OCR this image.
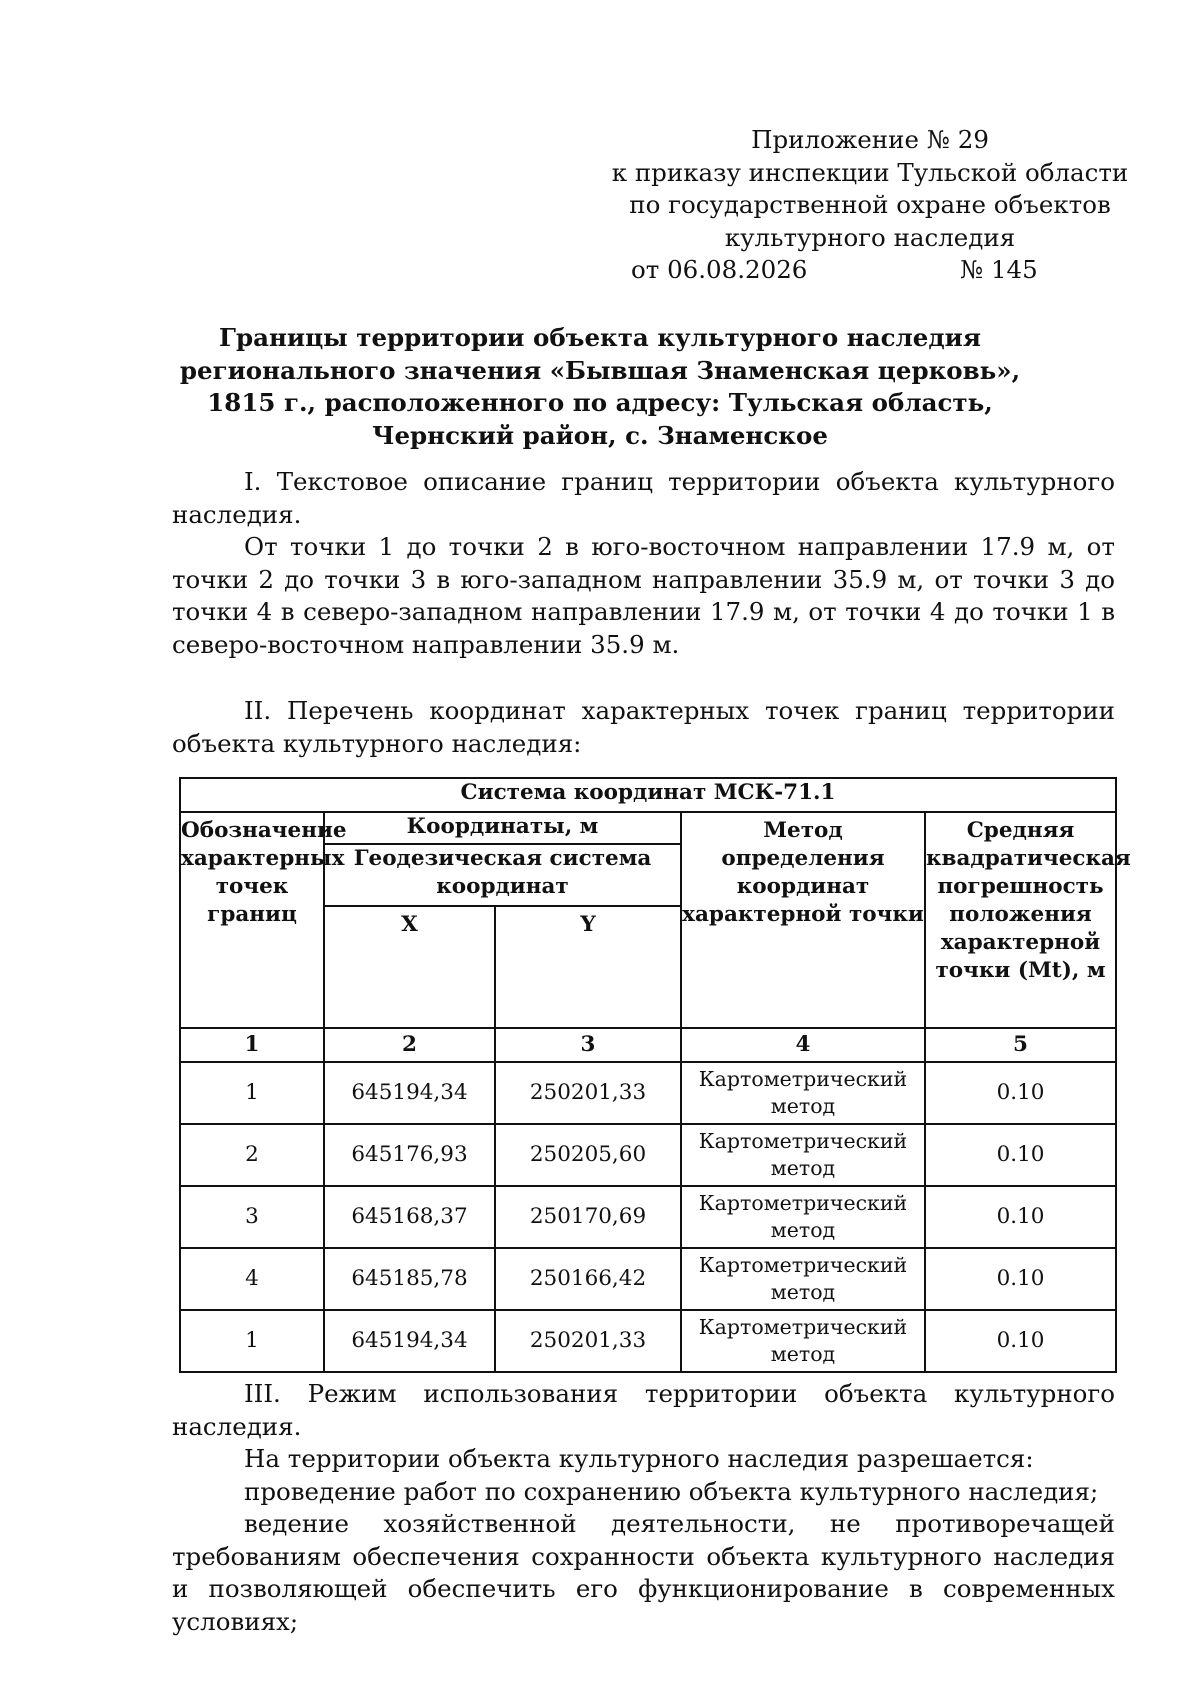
Приложение № 29
к приказу инспекции Тульской области
по государственной охране объектов
культурного наследия
от 06.08.2026	№ 145
Границы территории объекта культурного наследия регионального значения «Бывшая Знаменская церковь», 1815 г., расположенного по адресу: Тульская область, Чернский район, с. Знаменское

I. Текстовое описание границ территории объекта культурного наследия.

От точки 1 до точки 2 в юго-восточном направлении 17.9 м, от точки 2 до точки 3 в юго-западном направлении 35.9 м, от точки 3 до точки 4 в северо-западном направлении 17.9 м, от точки 4 до точки 1 в северо-восточном направлении 35.9 м.

II. Перечень координат характерных точек границ территории объекта культурного наследия:

Система координат МСК-71.1				
Обозначение характерных точек границ	Координаты, м		Метод определения координат характерной точки	Средняя квадратическая погрешность положения характерной точки (Mt), м
	Геодезическая система координат			
	X	Y		
1	2	3	4	5
1	645194,34	250201,33	Картометрический метод	0.10
2	645176,93	250205,60	Картометрический метод	0.10
3	645168,37	250170,69	Картометрический метод	0.10
4	645185,78	250166,42	Картометрический метод	0.10
1	645194,34	250201,33	Картометрический метод	0.10

III. Режим использования территории объекта культурного наследия.

На территории объекта культурного наследия разрешается:

проведение работ по сохранению объекта культурного наследия;

ведение хозяйственной деятельности, не противоречащей требованиям обеспечения сохранности объекта культурного наследия и позволяющей обеспечить его функционирование в современных условиях;
